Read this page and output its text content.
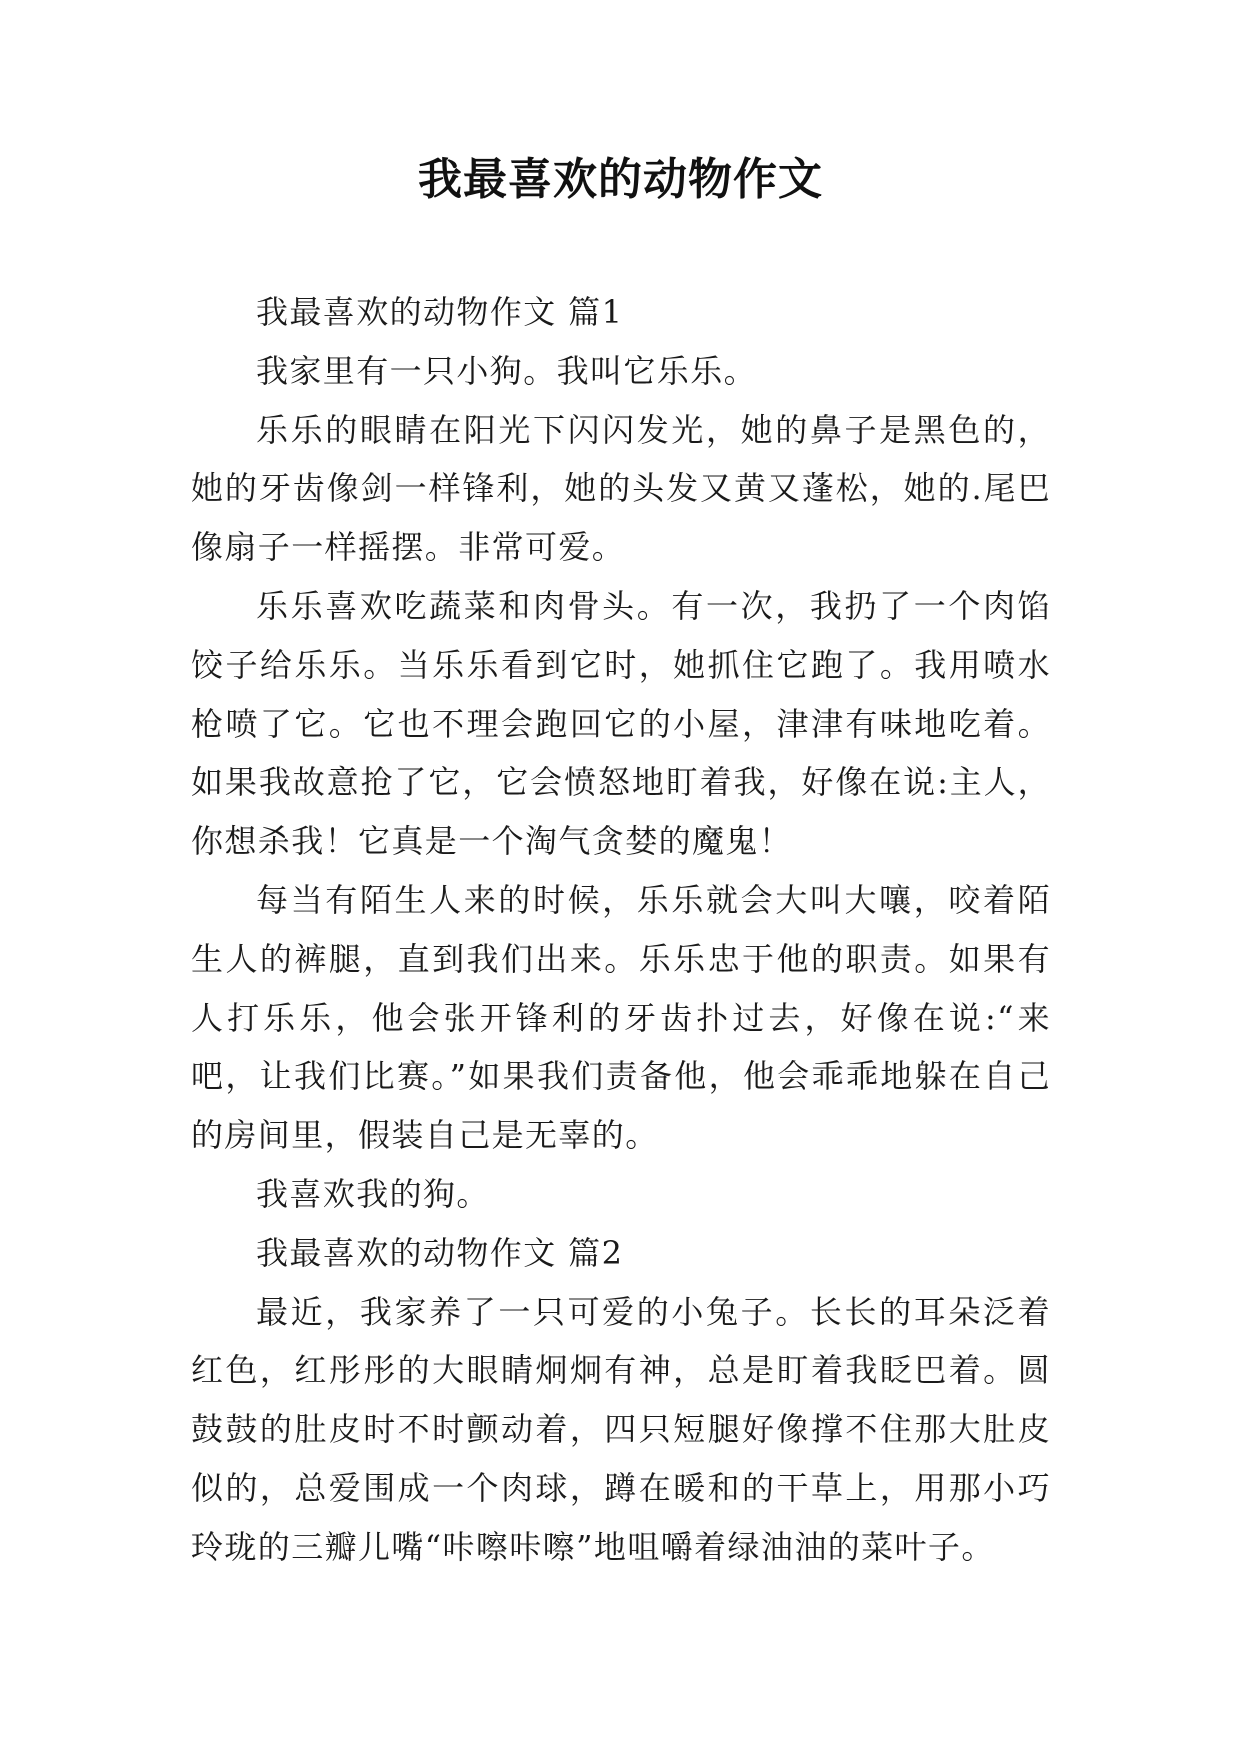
我最喜欢的动物作文

我最喜欢的动物作文 篇1

我家里有一只小狗。我叫它乐乐。

乐乐的眼睛在阳光下闪闪发光，她的鼻子是黑色的，她的牙齿像剑一样锋利，她的头发又黄又蓬松，她的.尾巴像扇子一样摇摆。非常可爱。

乐乐喜欢吃蔬菜和肉骨头。有一次，我扔了一个肉馅饺子给乐乐。当乐乐看到它时，她抓住它跑了。我用喷水枪喷了它。它也不理会跑回它的小屋，津津有味地吃着。如果我故意抢了它，它会愤怒地盯着我，好像在说:主人，你想杀我！它真是一个淘气贪婪的魔鬼！

每当有陌生人来的时候，乐乐就会大叫大嚷，咬着陌生人的裤腿，直到我们出来。乐乐忠于他的职责。如果有人打乐乐，他会张开锋利的牙齿扑过去，好像在说:“来吧，让我们比赛。”如果我们责备他，他会乖乖地躲在自己的房间里，假装自己是无辜的。

我喜欢我的狗。

我最喜欢的动物作文 篇2

最近，我家养了一只可爱的小兔子。长长的耳朵泛着红色，红彤彤的大眼睛炯炯有神，总是盯着我眨巴着。圆鼓鼓的肚皮时不时颤动着，四只短腿好像撑不住那大肚皮似的，总爱围成一个肉球，蹲在暖和的干草上，用那小巧玲珑的三瓣儿嘴“咔嚓咔嚓”地咀嚼着绿油油的菜叶子。
